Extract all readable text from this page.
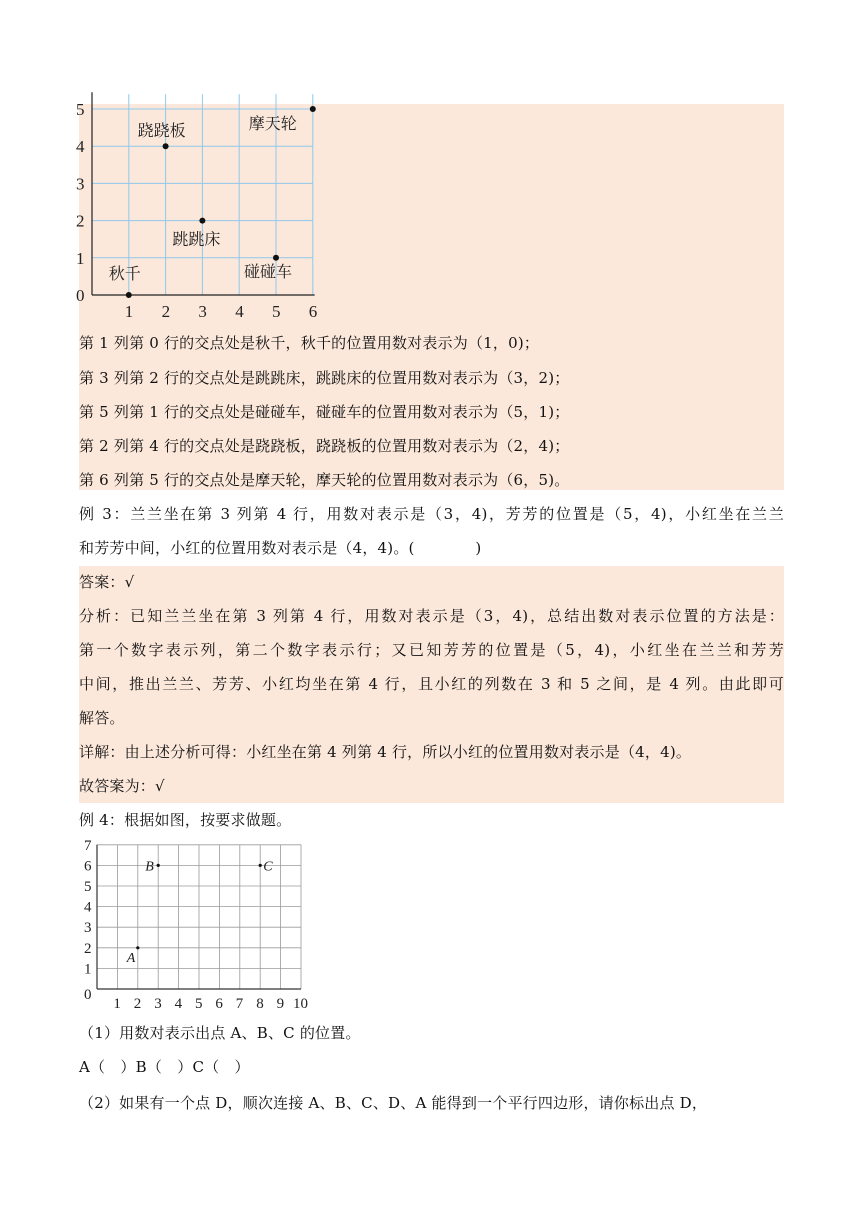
0
1
2
3
4
5
1 2 3 4 5 6
秋千
跳跳床
碰碰车
跷跷板	摩天轮
第 1 列第 0 行的交点处是秋千，秋千的位置用数对表示为（1，0)；
第 3 列第 2 行的交点处是跳跳床，跳跳床的位置用数对表示为（3，2)；
第 5 列第 1 行的交点处是碰碰车，碰碰车的位置用数对表示为（5，1)；
第 2 列第 4 行的交点处是跷跷板，跷跷板的位置用数对表示为（2，4)；
第 6 列第 5 行的交点处是摩天轮，摩天轮的位置用数对表示为（6，5)。
例 3：兰兰坐在第 3 列第 4 行，用数对表示是（3，4)，芳芳的位置是（5，4)，小红坐在兰兰
和芳芳中间，小红的位置用数对表示是（4，4)。(　　　　)
答案：√
分析：已知兰兰坐在第 3 列第 4 行，用数对表示是（3，4)，总结出数对表示位置的方法是：
第一个数字表示列，第二个数字表示行；又已知芳芳的位置是（5，4)，小红坐在兰兰和芳芳
中间，推出兰兰、芳芳、小红均坐在第 4 行，且小红的列数在 3 和 5 之间，是 4 列。由此即可
解答。
详解：由上述分析可得：小红坐在第 4 列第 4 行，所以小红的位置用数对表示是（4，4)。
故答案为：√
例 4：根据如图，按要求做题。
0
1
2
3
4
5
6
7
1 2 3 4 5 6 7 8 9 10
A
B	C
（1）用数对表示出点 A、B、C 的位置。
A（　）B（　）C（　）
（2）如果有一个点 D，顺次连接 A、B、C、D、A 能得到一个平行四边形，请你标出点 D，
